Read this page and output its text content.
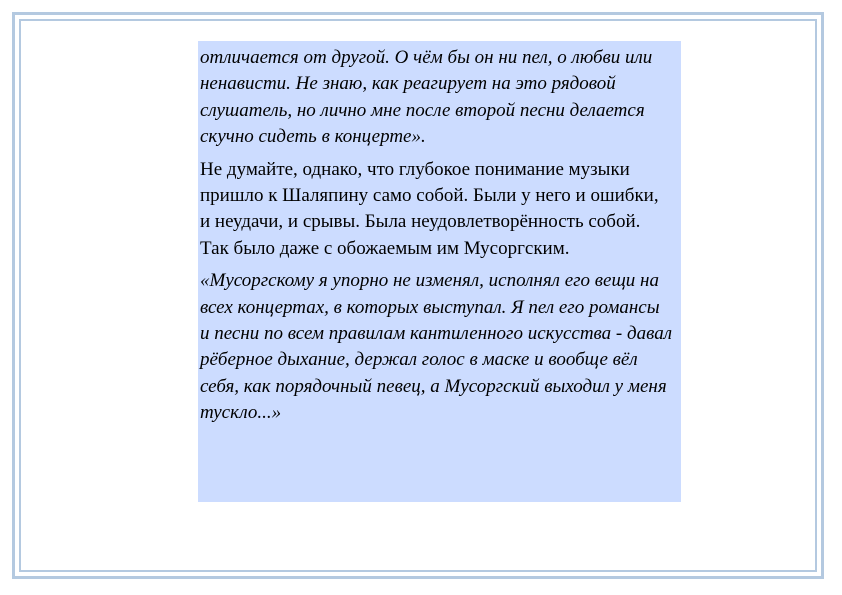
отличается от другой. О чём бы он ни пел, о любви или ненависти. Не знаю, как реагирует на это рядовой слушатель, но лично мне после второй песни делается скучно сидеть в концерте».

Не думайте, однако, что глубокое понимание музыки пришло к Шаляпину само собой. Были у него и ошибки, и неудачи, и срывы. Была неудовлетворённость собой. Так было даже с обожаемым им Мусоргским.

«Мусоргскому я упорно не изменял, исполнял его вещи на всех концертах, в которых выступал. Я пел его романсы и песни по всем правилам кантиленного искусства - давал рёберное дыхание, держал голос в маске и вообще вёл себя, как порядочный певец, а Мусоргский выходил у меня тускло...»
